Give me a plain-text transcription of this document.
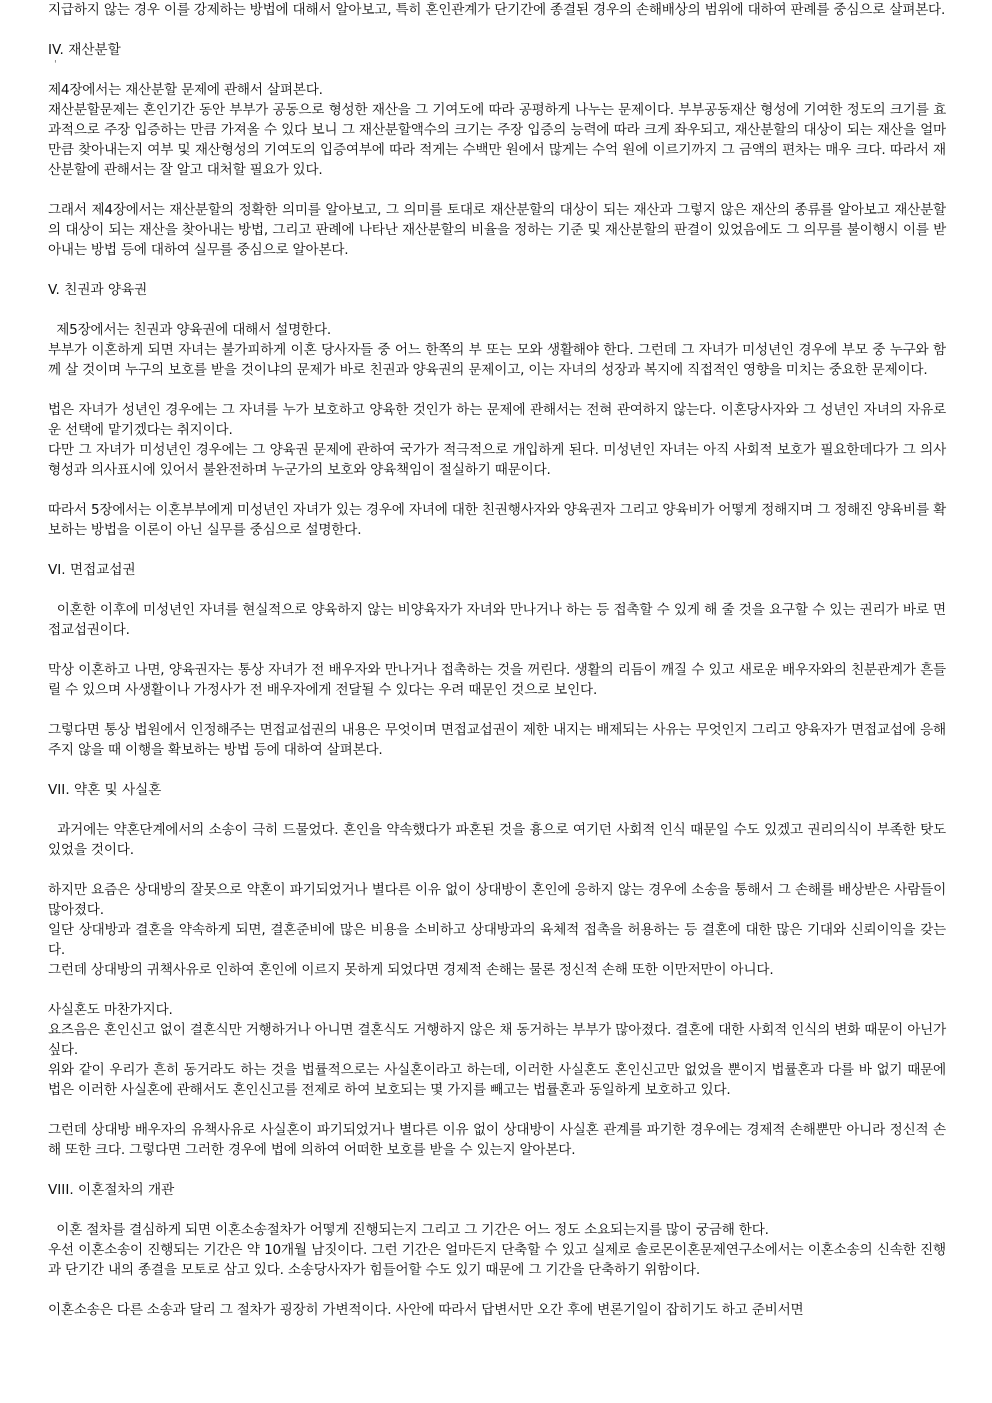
지급하지 않는 경우 이를 강제하는 방법에 대해서 알아보고, 특히 혼인관계가 단기간에 종결된 경우의 손해배상의 범위에 대하여 판례를 중심으로 살펴본다.

IV. 재산분할
'

제4장에서는 재산분할 문제에 관해서 살펴본다.

재산분할문제는 혼인기간 동안 부부가 공동으로 형성한 재산을 그 기여도에 따라 공평하게 나누는 문제이다. 부부공동재산 형성에 기여한 정도의 크기를 효과적으로 주장 입증하는 만큼 가져올 수 있다 보니 그 재산분할액수의 크기는 주장 입증의 능력에 따라 크게 좌우되고, 재산분할의 대상이 되는 재산을 얼마만큼 찾아내는지 여부 및 재산형성의 기여도의 입증여부에 따라 적게는 수백만 원에서 많게는 수억 원에 이르기까지 그 금액의 편차는 매우 크다. 따라서 재산분할에 관해서는 잘 알고 대처할 필요가 있다.

그래서 제4장에서는 재산분할의 정확한 의미를 알아보고, 그 의미를 토대로 재산분할의 대상이 되는 재산과 그렇지 않은 재산의 종류를 알아보고 재산분할의 대상이 되는 재산을 찾아내는 방법, 그리고 판례에 나타난 재산분할의 비율을 정하는 기준 및 재산분할의 판결이 있었음에도 그 의무를 불이행시 이를 받아내는 방법 등에 대하여 실무를 중심으로 알아본다.

V. 친권과 양육권

제5장에서는 친권과 양육권에 대해서 설명한다.

부부가 이혼하게 되면 자녀는 불가피하게 이혼 당사자들 중 어느 한쪽의 부 또는 모와 생활해야 한다. 그런데 그 자녀가 미성년인 경우에 부모 중 누구와 함께 살 것이며 누구의 보호를 받을 것이냐의 문제가 바로 친권과 양육권의 문제이고, 이는 자녀의 성장과 복지에 직접적인 영향을 미치는 중요한 문제이다.

법은 자녀가 성년인 경우에는 그 자녀를 누가 보호하고 양육한 것인가 하는 문제에 관해서는 전혀 관여하지 않는다. 이혼당사자와 그 성년인 자녀의 자유로운 선택에 맡기겠다는 취지이다.

다만 그 자녀가 미성년인 경우에는 그 양육권 문제에 관하여 국가가 적극적으로 개입하게 된다. 미성년인 자녀는 아직 사회적 보호가 필요한데다가 그 의사형성과 의사표시에 있어서 불완전하며 누군가의 보호와 양육책임이 절실하기 때문이다.

따라서 5장에서는 이혼부부에게 미성년인 자녀가 있는 경우에 자녀에 대한 친권행사자와 양육권자 그리고 양육비가 어떻게 정해지며 그 정해진 양육비를 확보하는 방법을 이론이 아닌 실무를 중심으로 설명한다.

VI. 면접교섭권

이혼한 이후에 미성년인 자녀를 현실적으로 양육하지 않는 비양육자가 자녀와 만나거나 하는 등 접촉할 수 있게 해 줄 것을 요구할 수 있는 권리가 바로 면접교섭권이다.

막상 이혼하고 나면, 양육권자는 통상 자녀가 전 배우자와 만나거나 접촉하는 것을 꺼린다. 생활의 리듬이 깨질 수 있고 새로운 배우자와의 친분관계가 흔들릴 수 있으며 사생활이나 가정사가 전 배우자에게 전달될 수 있다는 우려 때문인 것으로 보인다.

그렇다면 통상 법원에서 인정해주는 면접교섭권의 내용은 무엇이며 면접교섭권이 제한 내지는 배제되는 사유는 무엇인지 그리고 양육자가 면접교섭에 응해주지 않을 때 이행을 확보하는 방법 등에 대하여 살펴본다.

VII. 약혼 및 사실혼

과거에는 약혼단계에서의 소송이 극히 드물었다. 혼인을 약속했다가 파혼된 것을 흉으로 여기던 사회적 인식 때문일 수도 있겠고 권리의식이 부족한 탓도 있었을 것이다.

하지만 요즘은 상대방의 잘못으로 약혼이 파기되었거나 별다른 이유 없이 상대방이 혼인에 응하지 않는 경우에 소송을 통해서 그 손해를 배상받은 사람들이 많아졌다.

일단 상대방과 결혼을 약속하게 되면, 결혼준비에 많은 비용을 소비하고 상대방과의 육체적 접촉을 허용하는 등 결혼에 대한 많은 기대와 신뢰이익을 갖는다.

그런데 상대방의 귀책사유로 인하여 혼인에 이르지 못하게 되었다면 경제적 손해는 물론 정신적 손해 또한 이만저만이 아니다.

사실혼도 마찬가지다.

요즈음은 혼인신고 없이 결혼식만 거행하거나 아니면 결혼식도 거행하지 않은 채 동거하는 부부가 많아졌다. 결혼에 대한 사회적 인식의 변화 때문이 아닌가 싶다.

위와 같이 우리가 흔히 동거라도 하는 것을 법률적으로는 사실혼이라고 하는데, 이러한 사실혼도 혼인신고만 없었을 뿐이지 법률혼과 다를 바 없기 때문에 법은 이러한 사실혼에 관해서도 혼인신고를 전제로 하여 보호되는 몇 가지를 빼고는 법률혼과 동일하게 보호하고 있다.

그런데 상대방 배우자의 유책사유로 사실혼이 파기되었거나 별다른 이유 없이 상대방이 사실혼 관계를 파기한 경우에는 경제적 손해뿐만 아니라 정신적 손해 또한 크다. 그렇다면 그러한 경우에 법에 의하여 어떠한 보호를 받을 수 있는지 알아본다.

VIII. 이혼절차의 개관

이혼 절차를 결심하게 되면 이혼소송절차가 어떻게 진행되는지 그리고 그 기간은 어느 정도 소요되는지를 많이 궁금해 한다.

우선 이혼소송이 진행되는 기간은 약 10개월 남짓이다. 그런 기간은 얼마든지 단축할 수 있고 실제로 솔로몬이혼문제연구소에서는 이혼소송의 신속한 진행과 단기간 내의 종결을 모토로 삼고 있다. 소송당사자가 힘들어할 수도 있기 때문에 그 기간을 단축하기 위함이다.

이혼소송은 다른 소송과 달리 그 절차가 굉장히 가변적이다. 사안에 따라서 답변서만 오간 후에 변론기일이 잡히기도 하고 준비서면
